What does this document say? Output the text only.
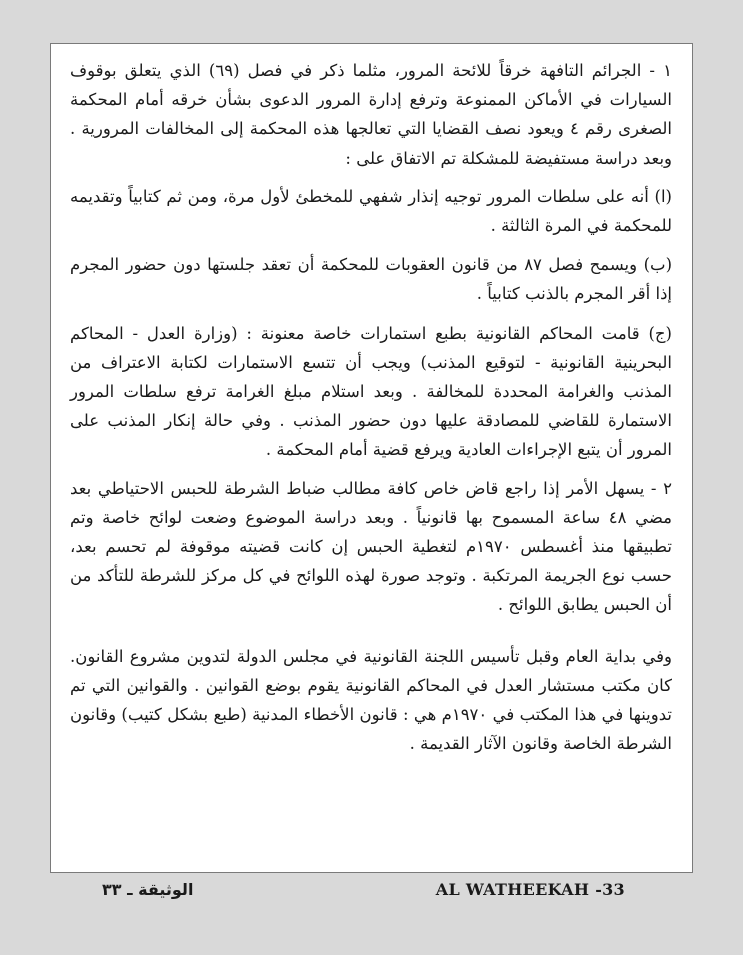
١ - الجرائم التافهة خرقاً للائحة المرور، مثلما ذكر في فصل (٦٩) الذي يتعلق بوقوف السيارات في الأماكن الممنوعة وترفع إدارة المرور الدعوى بشأن خرقه أمام المحكمة الصغرى رقم ٤ ويعود نصف القضايا التي تعالجها هذه المحكمة إلى المخالفات المرورية . وبعد دراسة مستفيضة للمشكلة تم الاتفاق على :

(ا) أنه على سلطات المرور توجيه إنذار شفهي للمخطئ لأول مرة، ومن ثم كتابياً وتقديمه للمحكمة في المرة الثالثة .

(ب) ويسمح فصل ٨٧ من قانون العقوبات للمحكمة أن تعقد جلستها دون حضور المجرم إذا أقر المجرم بالذنب كتابياً .

(ج) قامت المحاكم القانونية بطبع استمارات خاصة معنونة : (وزارة العدل - المحاكم البحرينية القانونية - لتوقيع المذنب) ويجب أن تتسع الاستمارات لكتابة الاعتراف من المذنب والغرامة المحددة للمخالفة . وبعد استلام مبلغ الغرامة ترفع سلطات المرور الاستمارة للقاضي للمصادقة عليها دون حضور المذنب . وفي حالة إنكار المذنب على المرور أن يتبع الإجراءات العادية ويرفع قضية أمام المحكمة .

٢ - يسهل الأمر إذا راجع قاض خاص كافة مطالب ضباط الشرطة للحبس الاحتياطي بعد مضي ٤٨ ساعة المسموح بها قانونياً . وبعد دراسة الموضوع وضعت لوائح خاصة وتم تطبيقها منذ أغسطس ١٩٧٠م لتغطية الحبس إن كانت قضيته موقوفة لم تحسم بعد، حسب نوع الجريمة المرتكبة . وتوجد صورة لهذه اللوائح في كل مركز للشرطة للتأكد من أن الحبس يطابق اللوائح .

وفي بداية العام وقبل تأسيس اللجنة القانونية في مجلس الدولة لتدوين مشروع القانون. كان مكتب مستشار العدل في المحاكم القانونية يقوم بوضع القوانين . والقوانين التي تم تدوينها في هذا المكتب في ١٩٧٠م هي : قانون الأخطاء المدنية (طبع بشكل كتيب) وقانون الشرطة الخاصة وقانون الآثار القديمة .

الوثيقة ـ ٣٣	AL WATHEEKAH -33
